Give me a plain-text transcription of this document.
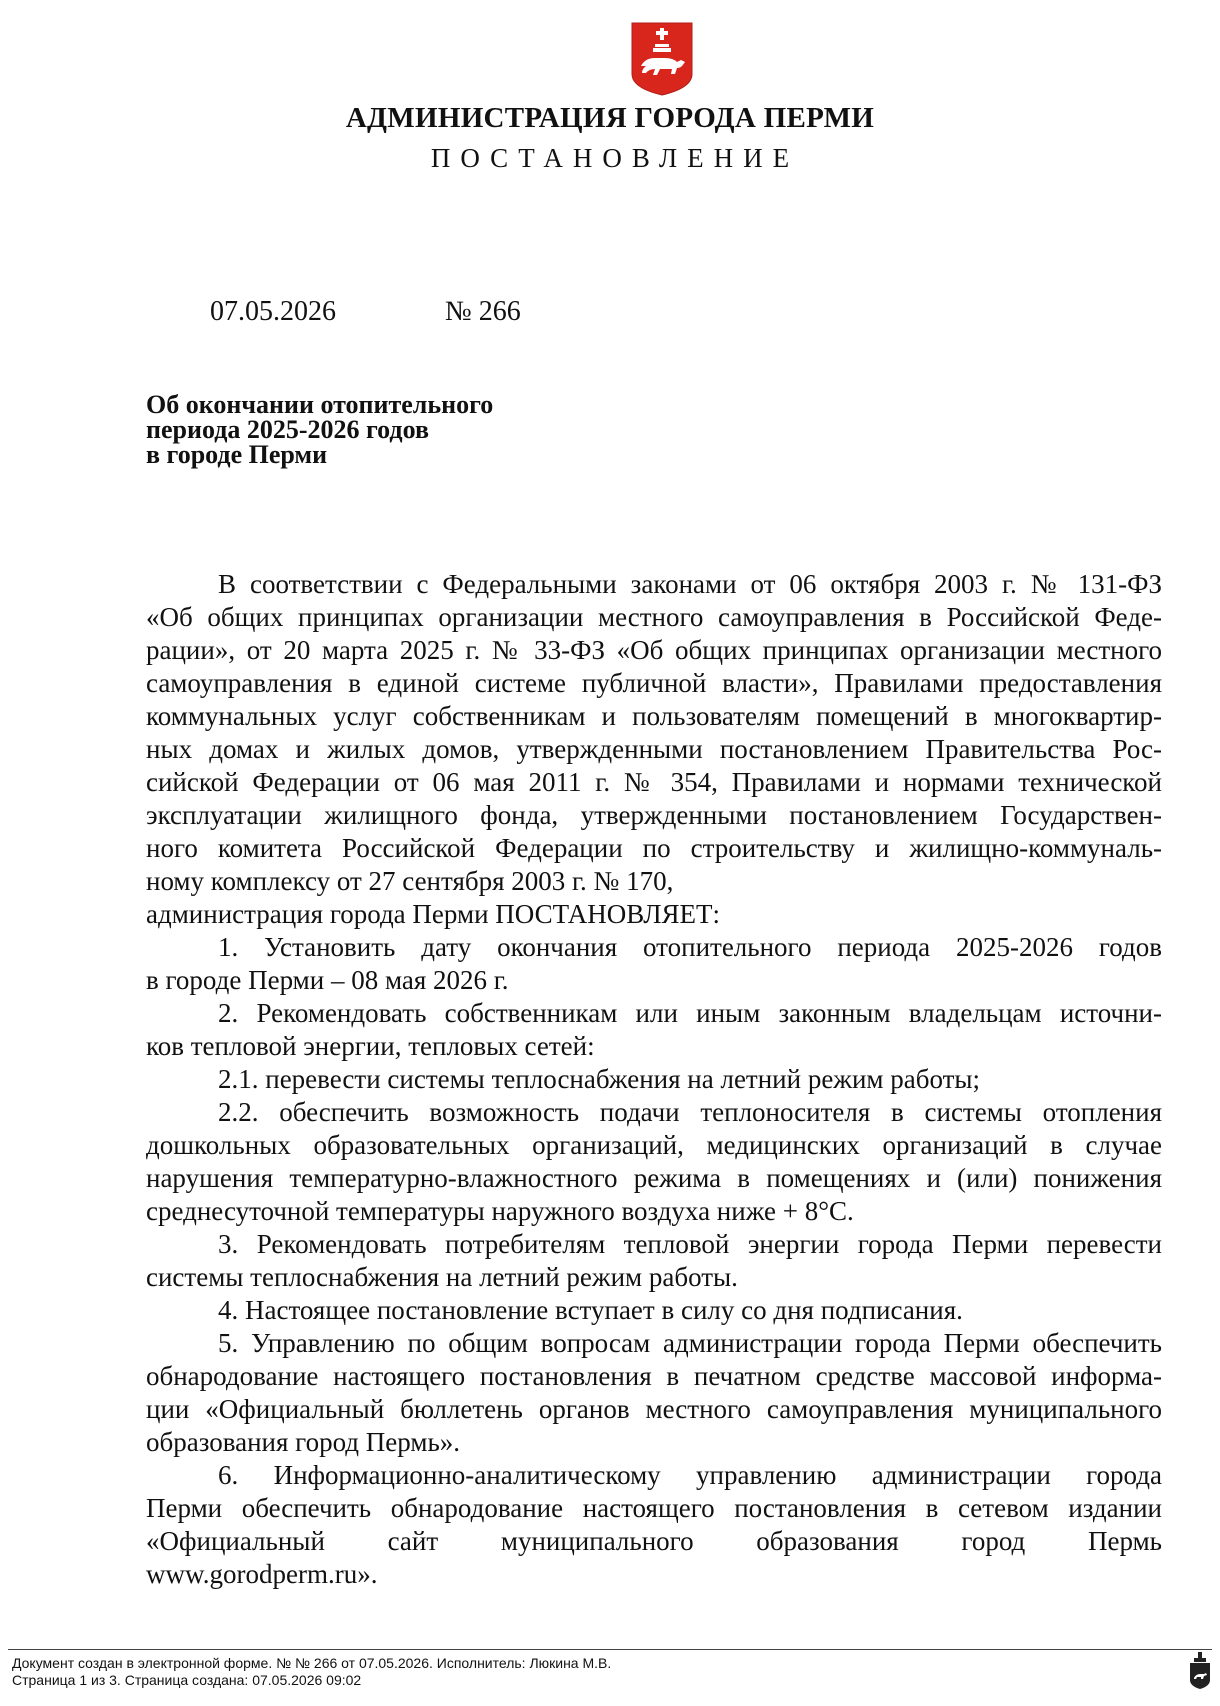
АДМИНИСТРАЦИЯ ГОРОДА ПЕРМИ
ПОСТАНОВЛЕНИЕ
07.05.2026	№ 266
Об окончании отопительного
периода 2025-2026 годов
в городе Перми
В соответствии с Федеральными законами от 06 октября 2003 г. № 131-ФЗ
«Об общих принципах организации местного самоуправления в Российской Феде-
рации», от 20 марта 2025 г. № 33-ФЗ «Об общих принципах организации местного
самоуправления в единой системе публичной власти», Правилами предоставления
коммунальных услуг собственникам и пользователям помещений в многоквартир-
ных домах и жилых домов, утвержденными постановлением Правительства Рос-
сийской Федерации от 06 мая 2011 г. № 354, Правилами и нормами технической
эксплуатации жилищного фонда, утвержденными постановлением Государствен-
ного комитета Российской Федерации по строительству и жилищно-коммуналь-
ному комплексу от 27 сентября 2003 г. № 170,
администрация города Перми ПОСТАНОВЛЯЕТ:
1. Установить дату окончания отопительного периода 2025-2026 годов
в городе Перми – 08 мая 2026 г.
2. Рекомендовать собственникам или иным законным владельцам источни-
ков тепловой энергии, тепловых сетей:
2.1. перевести системы теплоснабжения на летний режим работы;
2.2. обеспечить возможность подачи теплоносителя в системы отопления
дошкольных образовательных организаций, медицинских организаций в случае
нарушения температурно-влажностного режима в помещениях и (или) понижения
среднесуточной температуры наружного воздуха ниже + 8°С.
3. Рекомендовать потребителям тепловой энергии города Перми перевести
системы теплоснабжения на летний режим работы.
4. Настоящее постановление вступает в силу со дня подписания.
5. Управлению по общим вопросам администрации города Перми обеспечить
обнародование настоящего постановления в печатном средстве массовой информа-
ции «Официальный бюллетень органов местного самоуправления муниципального
образования город Пермь».
6. Информационно-аналитическому управлению администрации города
Перми обеспечить обнародование настоящего постановления в сетевом издании
«Официальный сайт муниципального образования город Пермь
www.gorodperm.ru».
Документ создан в электронной форме. № № 266 от 07.05.2026. Исполнитель: Люкина М.В.
Страница 1 из 3. Страница создана: 07.05.2026 09:02
